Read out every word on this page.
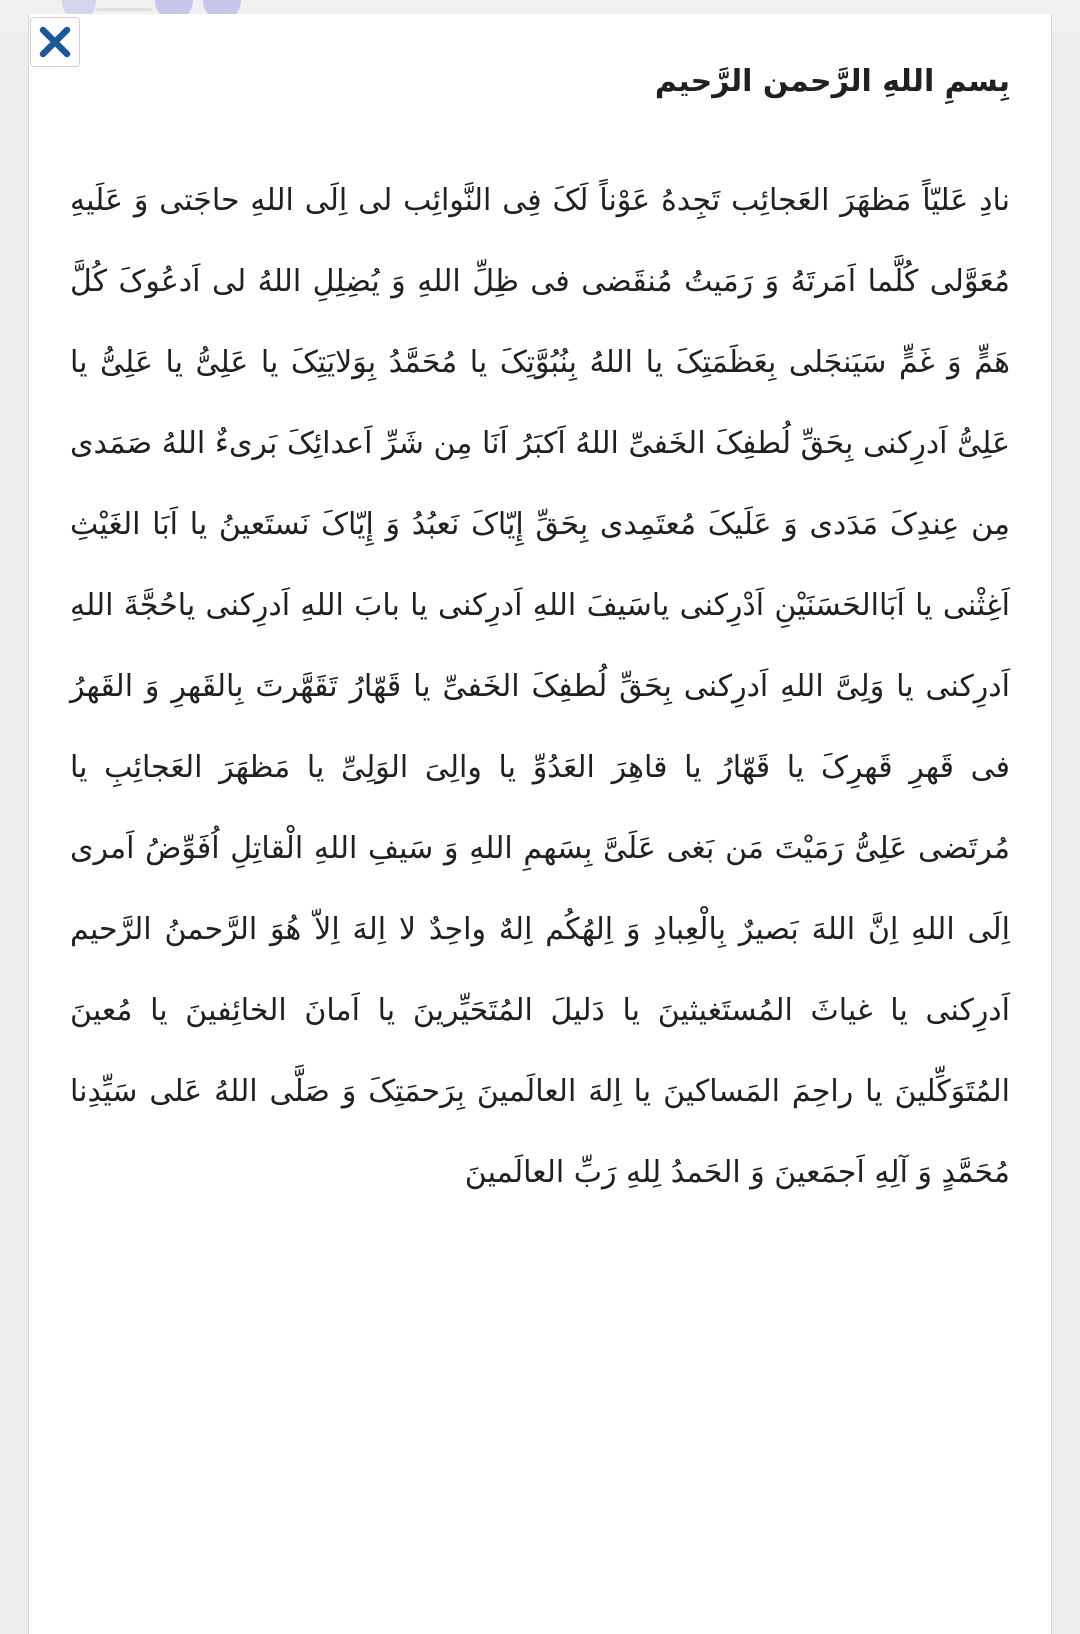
بِسمِ اللهِ الرَّحمن الرَّحیم

نادِ عَلیّاً مَظهَرَ العَجائِب تَجِدهُ عَوْناً لَکَ فِی النَّوائِب لی اِلَی اللهِ حاجَتی وَ عَلَیهِ مُعَوَّلی کُلَّما اَمَرتَهُ وَ رَمَیتُ مُنقَضی فی ظِلِّ اللهِ وَ یُضِلِلِ اللهُ لی اَدعُوکَ کُلَّ هَمٍّ وَ غَمٍّ سَیَنجَلی بِعَظَمَتِکَ یا اللهُ بِنُبُوَّتِکَ یا مُحَمَّدُ بِوَلایَتِکَ یا عَلِیُّ یا عَلِیُّ یا عَلِیُّ اَدرِکنی بِحَقِّ لُطفِکَ الخَفیِّ اللهُ اَکبَرُ اَنَا مِن شَرِّ اَعدائِکَ بَریءٌ اللهُ صَمَدی مِن عِندِکَ مَدَدی وَ عَلَیکَ مُعتَمِدی بِحَقِّ إِیّاکَ نَعبُدُ وَ إِیّاکَ نَستَعینُ یا اَبَا الغَیْثِ اَغِثْنی یا اَبَاالحَسَنَیْنِ اَدْرِکنی یاسَیفَ اللهِ اَدرِکنی یا بابَ اللهِ اَدرِکنی یاحُجَّةَ اللهِ اَدرِکنی یا وَلِیَّ اللهِ اَدرِکنی بِحَقِّ لُطفِکَ الخَفیِّ یا قَهّارُ تَقَهَّرتَ بِالقَهرِ وَ القَهرُ فی قَهرِ قَهرِکَ یا قَهّارُ یا قاهِرَ العَدُوِّ یا والِیَ الوَلِیِّ یا مَظهَرَ العَجائِبِ یا مُرتَضی عَلِیُّ رَمَیْتَ مَن بَغی عَلَیَّ بِسَهمِ اللهِ وَ سَیفِ اللهِ الْقاتِلِ اُفَوِّضُ اَمری اِلَی اللهِ اِنَّ اللهَ بَصیرٌ بِالْعِبادِ وَ اِلهُکُم اِلهٌ واحِدٌ لا اِلهَ اِلاّ هُوَ الرَّحمنُ الرَّحیم اَدرِکنی یا غیاثَ المُستَغیثینَ یا دَلیلَ المُتَحَیِّرینَ یا اَمانَ الخائِفینَ یا مُعینَ المُتَوَکِّلینَ یا راحِمَ المَساکینَ یا اِلهَ العالَمینَ بِرَحمَتِکَ وَ صَلَّی اللهُ عَلی سَیِّدِنا مُحَمَّدٍ وَ آلِهِ اَجمَعینَ وَ الحَمدُ لِلهِ رَبِّ العالَمینَ
